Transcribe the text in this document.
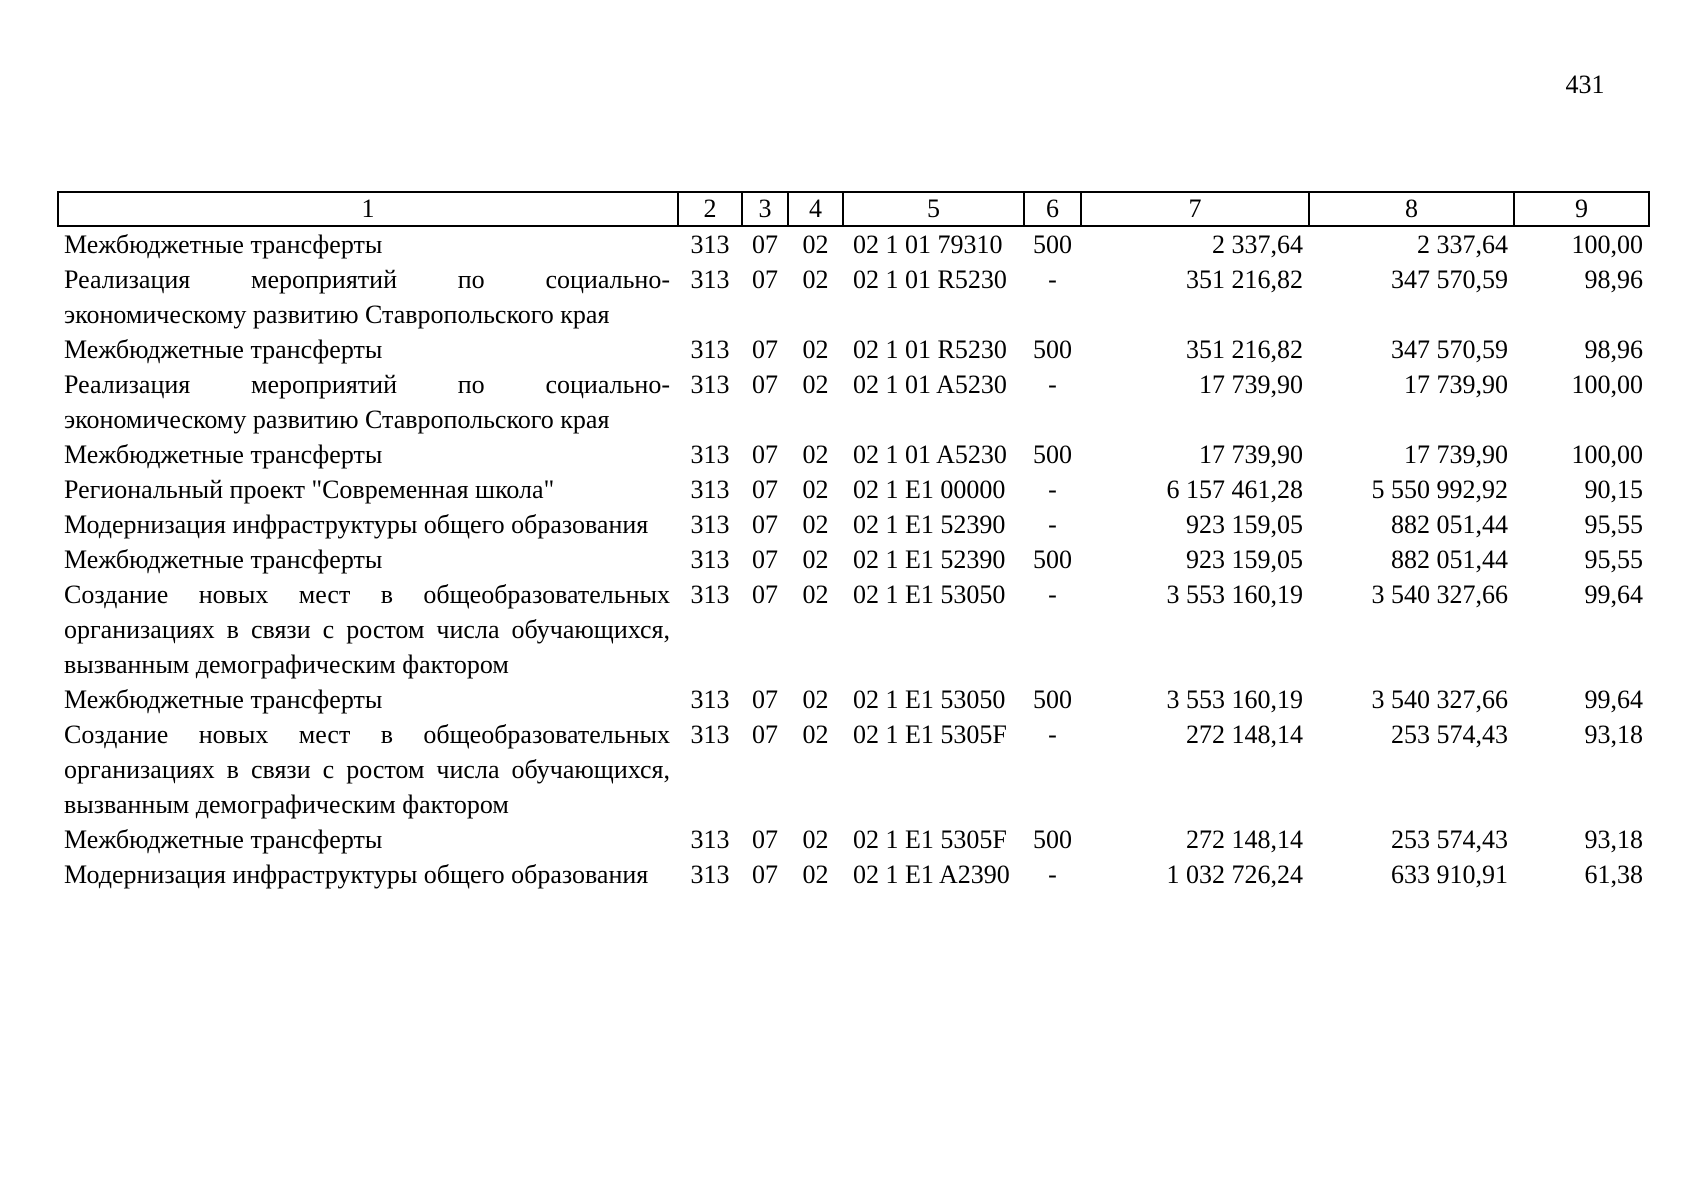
431
1	2	3	4	5	6	7	8	9
Межбюджетные трансферты	313	07	02	02 1 01 79310	500	2 337,64	2 337,64	100,00
Реализация мероприятий по социально-экономическому развитию Ставропольского края	313	07	02	02 1 01 R5230	-	351 216,82	347 570,59	98,96
Межбюджетные трансферты	313	07	02	02 1 01 R5230	500	351 216,82	347 570,59	98,96
Реализация мероприятий по социально-экономическому развитию Ставропольского края	313	07	02	02 1 01 A5230	-	17 739,90	17 739,90	100,00
Межбюджетные трансферты	313	07	02	02 1 01 A5230	500	17 739,90	17 739,90	100,00
Региональный проект "Современная школа"	313	07	02	02 1 E1 00000	-	6 157 461,28	5 550 992,92	90,15
Модернизация инфраструктуры общего образования	313	07	02	02 1 E1 52390	-	923 159,05	882 051,44	95,55
Межбюджетные трансферты	313	07	02	02 1 E1 52390	500	923 159,05	882 051,44	95,55
Создание новых мест в общеобразовательных организациях в связи с ростом числа обучающихся, вызванным демографическим фактором	313	07	02	02 1 E1 53050	-	3 553 160,19	3 540 327,66	99,64
Межбюджетные трансферты	313	07	02	02 1 E1 53050	500	3 553 160,19	3 540 327,66	99,64
Создание новых мест в общеобразовательных организациях в связи с ростом числа обучающихся, вызванным демографическим фактором	313	07	02	02 1 E1 5305F	-	272 148,14	253 574,43	93,18
Межбюджетные трансферты	313	07	02	02 1 E1 5305F	500	272 148,14	253 574,43	93,18
Модернизация инфраструктуры общего образования	313	07	02	02 1 E1 A2390	-	1 032 726,24	633 910,91	61,38
